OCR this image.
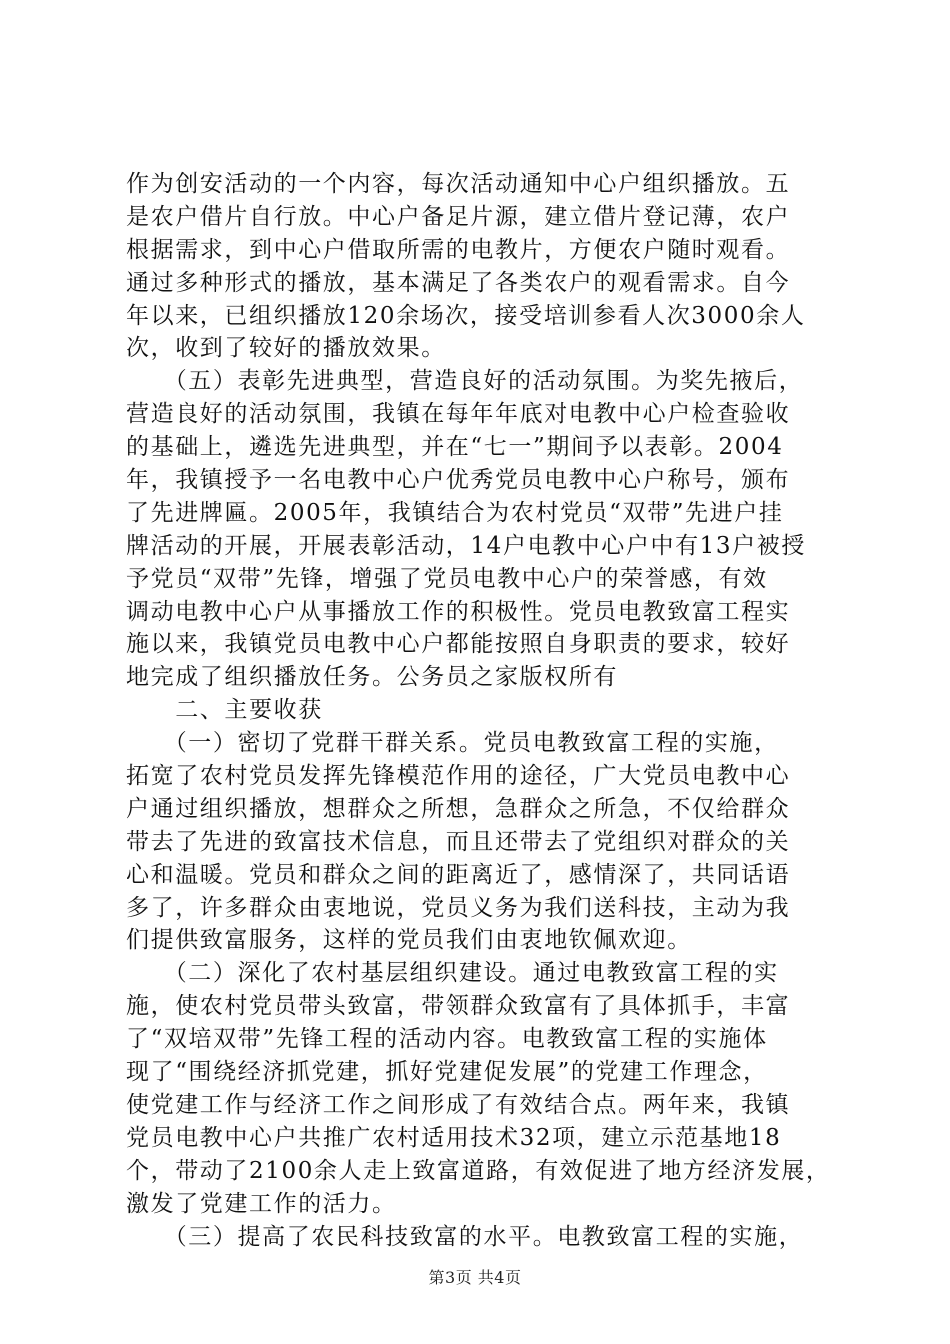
作为创安活动的一个内容，每次活动通知中心户组织播放。五
是农户借片自行放。中心户备足片源，建立借片登记薄，农户
根据需求，到中心户借取所需的电教片，方便农户随时观看。
通过多种形式的播放，基本满足了各类农户的观看需求。自今
年以来，已组织播放120余场次，接受培训参看人次3000余人
次，收到了较好的播放效果。
　　（五）表彰先进典型，营造良好的活动氛围。为奖先掖后，
营造良好的活动氛围，我镇在每年年底对电教中心户检查验收
的基础上，遴选先进典型，并在“七一”期间予以表彰。2004
年，我镇授予一名电教中心户优秀党员电教中心户称号，颁布
了先进牌匾。2005年，我镇结合为农村党员“双带”先进户挂
牌活动的开展，开展表彰活动，14户电教中心户中有13户被授
予党员“双带”先锋，增强了党员电教中心户的荣誉感，有效
调动电教中心户从事播放工作的积极性。党员电教致富工程实
施以来，我镇党员电教中心户都能按照自身职责的要求，较好
地完成了组织播放任务。公务员之家版权所有
　　二、主要收获
　　（一）密切了党群干群关系。党员电教致富工程的实施，
拓宽了农村党员发挥先锋模范作用的途径，广大党员电教中心
户通过组织播放，想群众之所想，急群众之所急，不仅给群众
带去了先进的致富技术信息，而且还带去了党组织对群众的关
心和温暖。党员和群众之间的距离近了，感情深了，共同话语
多了，许多群众由衷地说，党员义务为我们送科技，主动为我
们提供致富服务，这样的党员我们由衷地钦佩欢迎。
　　（二）深化了农村基层组织建设。通过电教致富工程的实
施，使农村党员带头致富，带领群众致富有了具体抓手，丰富
了“双培双带”先锋工程的活动内容。电教致富工程的实施体
现了“围绕经济抓党建，抓好党建促发展”的党建工作理念，
使党建工作与经济工作之间形成了有效结合点。两年来，我镇
党员电教中心户共推广农村适用技术32项，建立示范基地18
个，带动了2100余人走上致富道路，有效促进了地方经济发展，
激发了党建工作的活力。
　　（三）提高了农民科技致富的水平。电教致富工程的实施，
第3页 共4页
